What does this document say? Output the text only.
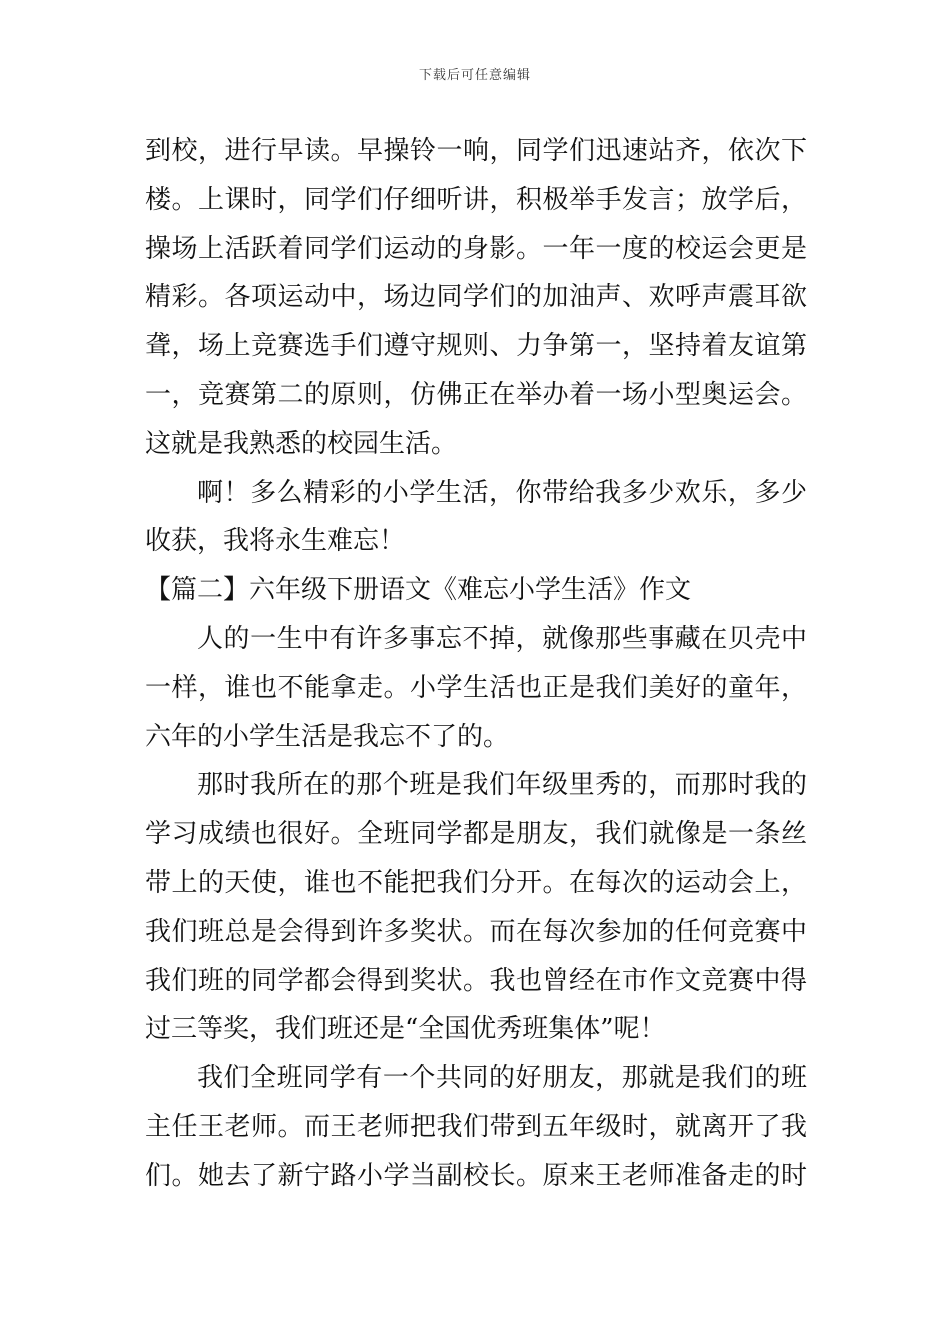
下载后可任意编辑
到校，进行早读。早操铃一响，同学们迅速站齐，依次下
楼。上课时，同学们仔细听讲，积极举手发言；放学后，
操场上活跃着同学们运动的身影。一年一度的校运会更是
精彩。各项运动中，场边同学们的加油声、欢呼声震耳欲
聋，场上竞赛选手们遵守规则、力争第一，坚持着友谊第
一，竞赛第二的原则，仿佛正在举办着一场小型奥运会。
这就是我熟悉的校园生活。
啊！多么精彩的小学生活，你带给我多少欢乐，多少
收获，我将永生难忘！
【篇二】六年级下册语文《难忘小学生活》作文
人的一生中有许多事忘不掉，就像那些事藏在贝壳中
一样，谁也不能拿走。小学生活也正是我们美好的童年，
六年的小学生活是我忘不了的。
那时我所在的那个班是我们年级里秀的，而那时我的
学习成绩也很好。全班同学都是朋友，我们就像是一条丝
带上的天使，谁也不能把我们分开。在每次的运动会上，
我们班总是会得到许多奖状。而在每次参加的任何竞赛中
我们班的同学都会得到奖状。我也曾经在市作文竞赛中得
过三等奖，我们班还是“全国优秀班集体”呢！
我们全班同学有一个共同的好朋友，那就是我们的班
主任王老师。而王老师把我们带到五年级时，就离开了我
们。她去了新宁路小学当副校长。原来王老师准备走的时
